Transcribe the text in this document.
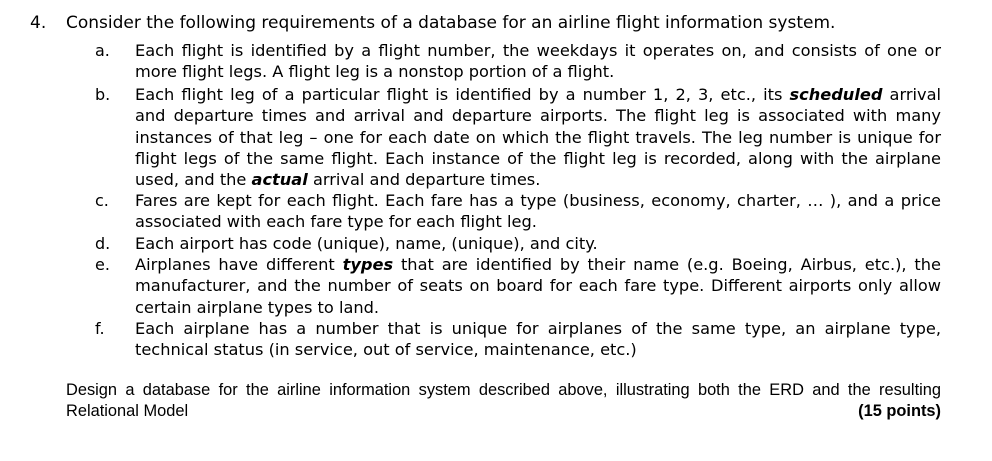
4. Consider the following requirements of a database for an airline flight information system.
a. Each flight is identified by a flight number, the weekdays it operates on, and consists of one or more flight legs. A flight leg is a nonstop portion of a flight.
b. Each flight leg of a particular flight is identified by a number 1, 2, 3, etc., its scheduled arrival and departure times and arrival and departure airports. The flight leg is associated with many instances of that leg – one for each date on which the flight travels. The leg number is unique for flight legs of the same flight. Each instance of the flight leg is recorded, along with the airplane used, and the actual arrival and departure times.
c. Fares are kept for each flight. Each fare has a type (business, economy, charter, … ), and a price associated with each fare type for each flight leg.
d. Each airport has code (unique), name, (unique), and city.
e. Airplanes have different types that are identified by their name (e.g. Boeing, Airbus, etc.), the manufacturer, and the number of seats on board for each fare type. Different airports only allow certain airplane types to land.
f. Each airplane has a number that is unique for airplanes of the same type, an airplane type, technical status (in service, out of service, maintenance, etc.)
Design a database for the airline information system described above, illustrating both the ERD and the resulting Relational Model	(15 points)
